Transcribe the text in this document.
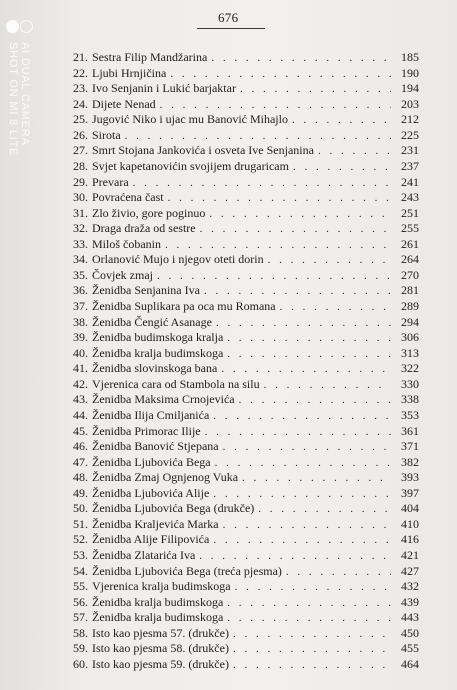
676
SHOT ON MI 8 LITE AI DUAL CAMERA	21. Sestra Filip Mandžarina . . .	185
22. Ljubi Hrnjičina . . .	190
23. Ivo Senjanin i Lukić barjaktar . . .	194
24. Dijete Nenad . . .	203
25. Jugović Niko i ujac mu Banović Mihajlo . . .	212
26. Sirota . . .	225
27. Smrt Stojana Jankovića i osveta Ive Senjanina . . .	231
28. Svjet kapetanovićin svojijem drugaricam . . .	237
29. Prevara . . .	241
30. Povraćena čast . . .	243
31. Zlo živio, gore poginuo . . .	251
32. Draga draža od sestre . . .	255
33. Miloš čobanin . . .	261
34. Orlanović Mujo i njegov oteti dorin . . .	264
35. Čovjek zmaj . . .	270
36. Ženidba Senjanina Iva . . .	281
37. Ženidba Suplikara pa oca mu Romana . . .	289
38. Ženidba Čengić Asanage . . .	294
39. Ženidba budimskoga kralja . . .	306
40. Ženidba kralja budimskoga . . .	313
41. Ženidba slovinskoga bana . . .	322
42. Vjerenica cara od Stambola na silu . . .	330
43. Ženidba Maksima Crnojevića . . .	338
44. Ženidba Ilija Cmiljanića . . .	353
45. Ženidba Primorac Ilije . . .	361
46. Ženidba Banović Stjepana . . .	371
47. Ženidba Ljubovića Bega . . .	382
48. Ženidba Zmaj Ognjenog Vuka . . .	393
49. Ženidba Ljubovića Alije . . .	397
50. Ženidba Ljubovića Bega (drukče) . . .	404
51. Ženidba Kraljevića Marka . . .	410
52. Ženidba Alije Filipovića . . .	416
53. Ženidba Zlatarića Iva . . .	421
54. Ženidba Ljubovića Bega (treća pjesma) . . .	427
55. Vjerenica kralja budimskoga . . .	432
56. Ženidba kralja budimskoga . . .	439
57. Ženidba kralja budimskoga . . .	443
58. Isto kao pjesma 57. (drukče) . . .	450
59. Isto kao pjesma 58. (drukče) . . .	455
60. Isto kao pjesma 59. (drukče) . . .	464
